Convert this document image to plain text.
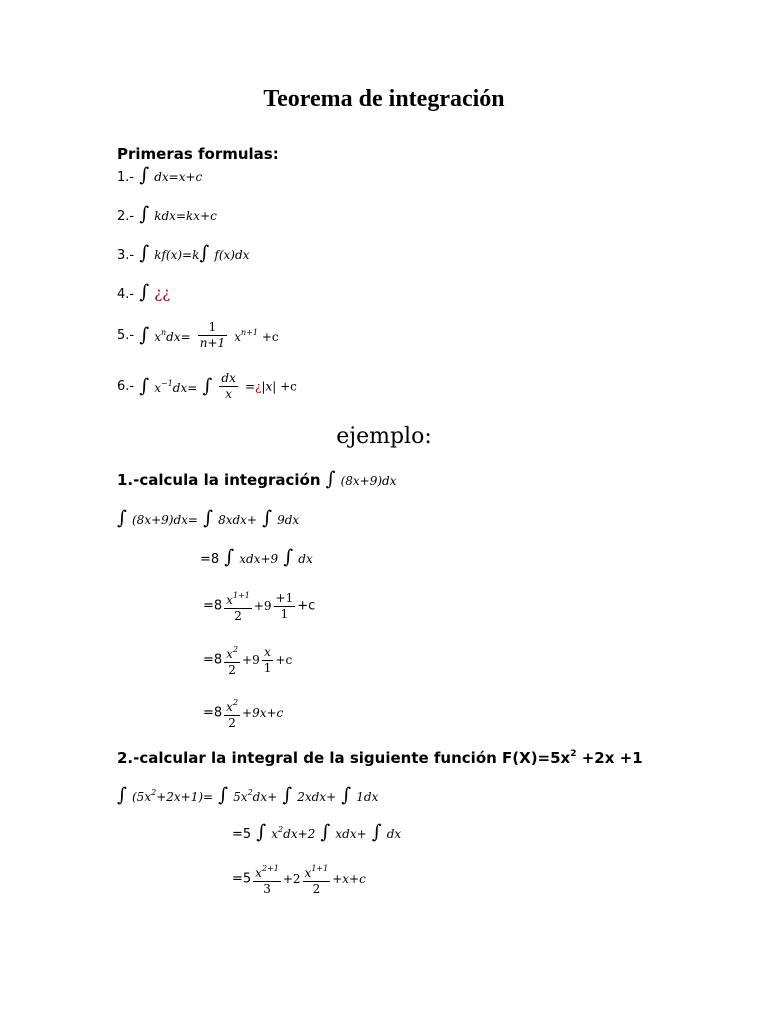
Teorema de integración
Primeras formulas:
1.- ∫ dx=x+c
2.- ∫ kdx=kx+c
3.- ∫ kf(x)=k∫ f(x)dx
4.- ∫ ¿¿
5.- ∫ $x^ndx= \frac{1}{n+1} x^{n+1} +c$
6.- ∫ $x^{-1}dx=$ ∫ $\frac{dx}{x}$ =¿|x| +c
ejemplo:
1.-calcula la integración ∫ (8x+9)dx
∫ (8x+9)dx= ∫ 8xdx+ ∫ 9dx
=8 ∫ xdx+9 ∫ dx
$=8 \frac{x^{1+1}}{2} +9 \frac{+1}{1} +c$
$=8 \frac{x^2}{2} +9 \frac{x}{1} +c$
$=8 \frac{x^2}{2} +9x+c$
2.-calcular la integral de la siguiente función $F(X)=5x^2 +2x +1$
∫ $(5x^2+2x+1)=$ ∫ $5x^2dx+$ ∫ 2xdx+ ∫ 1dx
=5 ∫ $x^2dx+2$ ∫ xdx+ ∫ dx
$=5 \frac{x^{2+1}}{3} +2 \frac{x^{1+1}}{2} +x+c$
